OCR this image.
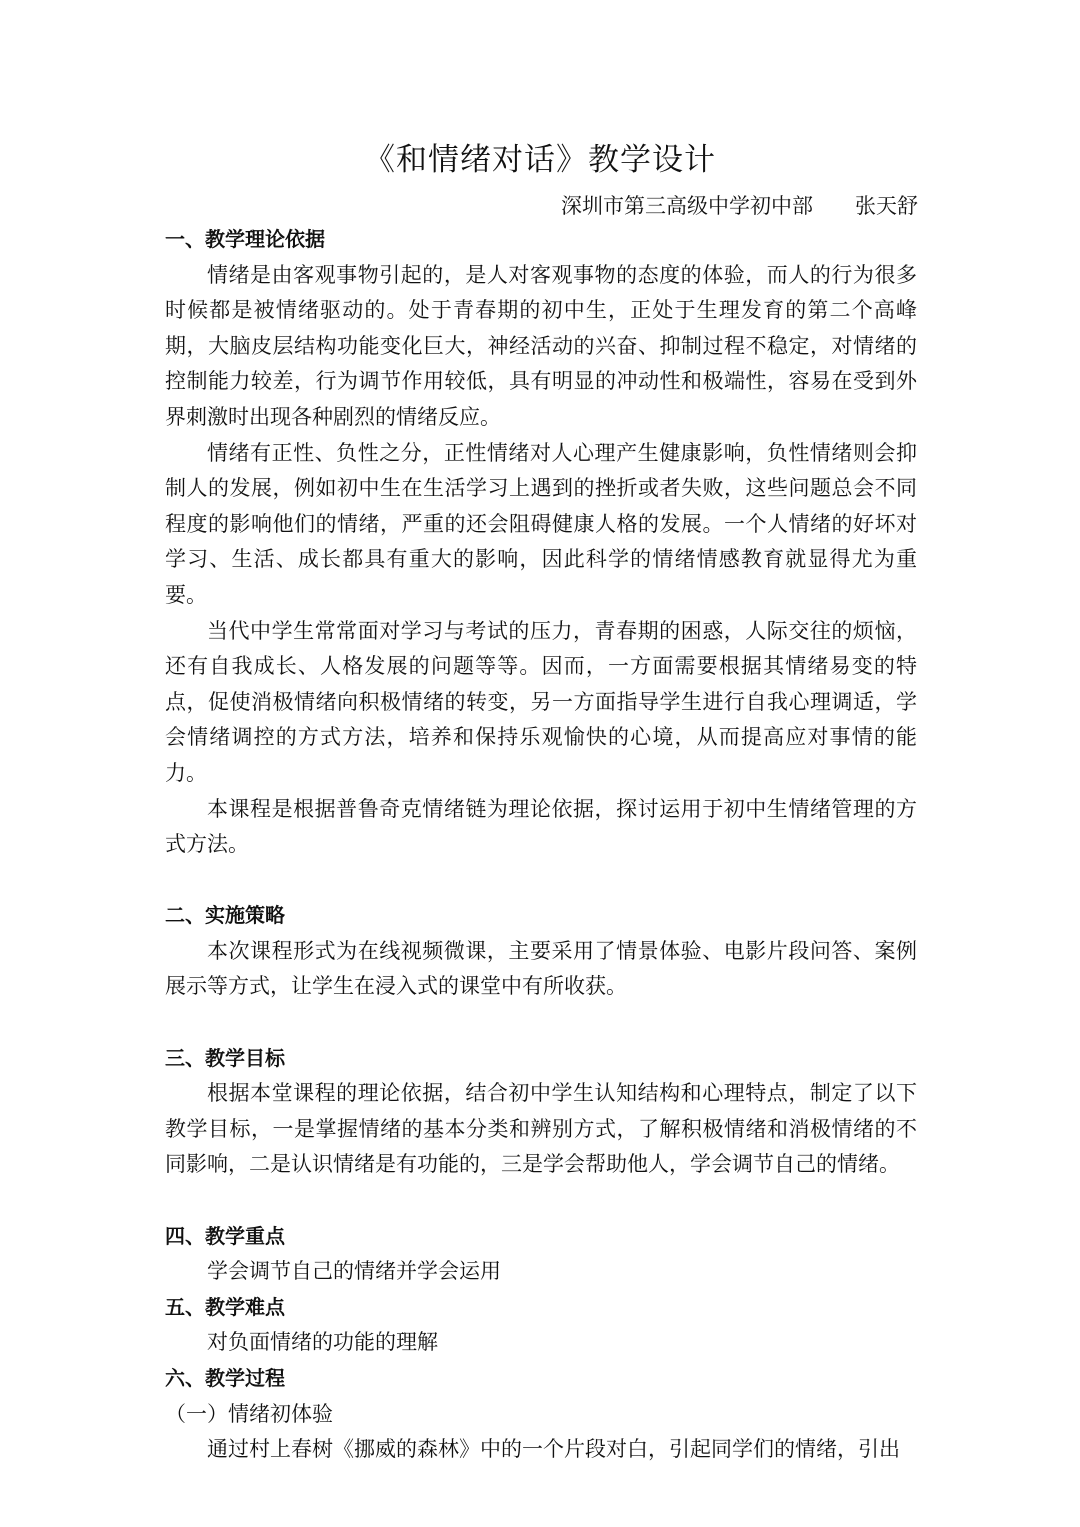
《和情绪对话》教学设计
深圳市第三高级中学初中部 张天舒

一、教学理论依据

情绪是由客观事物引起的，是人对客观事物的态度的体验，而人的行为很多时候都是被情绪驱动的。处于青春期的初中生，正处于生理发育的第二个高峰期，大脑皮层结构功能变化巨大，神经活动的兴奋、抑制过程不稳定，对情绪的控制能力较差，行为调节作用较低，具有明显的冲动性和极端性，容易在受到外界刺激时出现各种剧烈的情绪反应。

情绪有正性、负性之分，正性情绪对人心理产生健康影响，负性情绪则会抑制人的发展，例如初中生在生活学习上遇到的挫折或者失败，这些问题总会不同程度的影响他们的情绪，严重的还会阻碍健康人格的发展。一个人情绪的好坏对学习、生活、成长都具有重大的影响，因此科学的情绪情感教育就显得尤为重要。

当代中学生常常面对学习与考试的压力，青春期的困惑，人际交往的烦恼，还有自我成长、人格发展的问题等等。因而，一方面需要根据其情绪易变的特点，促使消极情绪向积极情绪的转变，另一方面指导学生进行自我心理调适，学会情绪调控的方式方法，培养和保持乐观愉快的心境，从而提高应对事情的能力。

本课程是根据普鲁奇克情绪链为理论依据，探讨运用于初中生情绪管理的方式方法。

二、实施策略

本次课程形式为在线视频微课，主要采用了情景体验、电影片段问答、案例展示等方式，让学生在浸入式的课堂中有所收获。

三、教学目标

根据本堂课程的理论依据，结合初中学生认知结构和心理特点，制定了以下教学目标，一是掌握情绪的基本分类和辨别方式，了解积极情绪和消极情绪的不同影响，二是认识情绪是有功能的，三是学会帮助他人，学会调节自己的情绪。

四、教学重点

学会调节自己的情绪并学会运用

五、教学难点

对负面情绪的功能的理解

六、教学过程

（一）情绪初体验

通过村上春树《挪威的森林》中的一个片段对白，引起同学们的情绪，引出
